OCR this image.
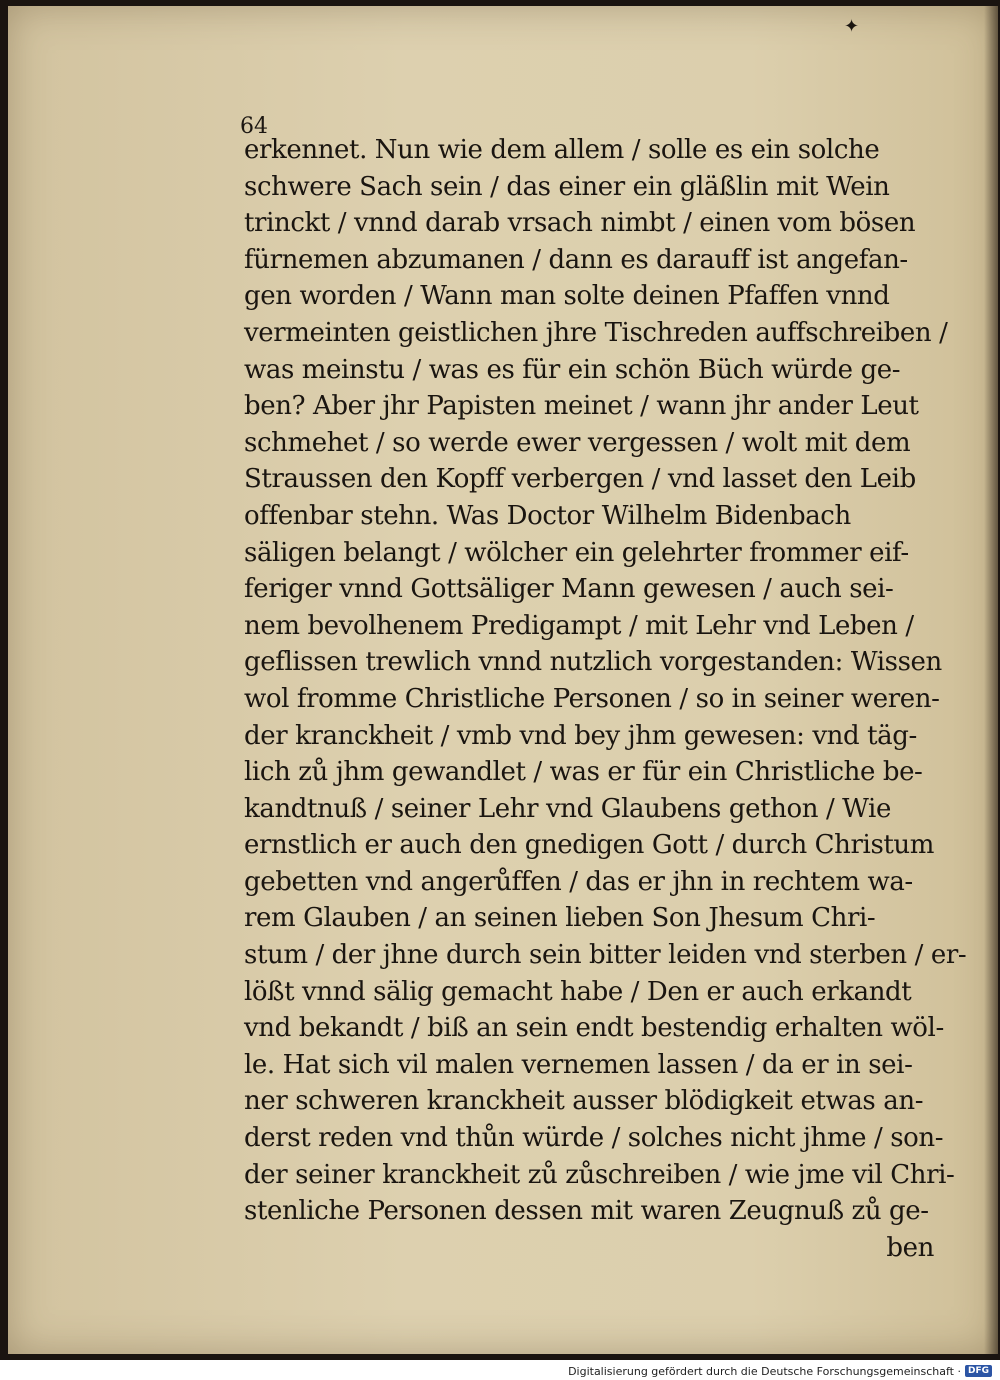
✦
64
erkennet. Nun wie dem allem / solle es ein solche
schwere Sach sein / das einer ein gläßlin mit Wein
trinckt / vnnd darab vrsach nimbt / einen vom bösen
fürnemen abzumanen / dann es darauff ist angefan-
gen worden / Wann man solte deinen Pfaffen vnnd
vermeinten geistlichen jhre Tischreden auffschreiben /
was meinstu / was es für ein schön Büch würde ge-
ben? Aber jhr Papisten meinet / wann jhr ander Leut
schmehet / so werde ewer vergessen / wolt mit dem
Straussen den Kopff verbergen / vnd lasset den Leib
offenbar stehn. Was Doctor Wilhelm Bidenbach
säligen belangt / wölcher ein gelehrter frommer eif-
feriger vnnd Gottsäliger Mann gewesen / auch sei-
nem bevolhenem Predigampt / mit Lehr vnd Leben /
geflissen trewlich vnnd nutzlich vorgestanden: Wissen
wol fromme Christliche Personen / so in seiner weren-
der kranckheit / vmb vnd bey jhm gewesen: vnd täg-
lich zů jhm gewandlet / was er für ein Christliche be-
kandtnuß / seiner Lehr vnd Glaubens gethon / Wie
ernstlich er auch den gnedigen Gott / durch Christum
gebetten vnd angerůffen / das er jhn in rechtem wa-
rem Glauben / an seinen lieben Son Jhesum Chri-
stum / der jhne durch sein bitter leiden vnd sterben / er-
lößt vnnd sälig gemacht habe / Den er auch erkandt
vnd bekandt / biß an sein endt bestendig erhalten wöl-
le. Hat sich vil malen vernemen lassen / da er in sei-
ner schweren kranckheit ausser blödigkeit etwas an-
derst reden vnd thůn würde / solches nicht jhme / son-
der seiner kranckheit zů zůschreiben / wie jme vil Chri-
stenliche Personen dessen mit waren Zeugnuß zů ge-
ben
Digitalisierung gefördert durch die Deutsche Forschungsgemeinschaft · DFG
